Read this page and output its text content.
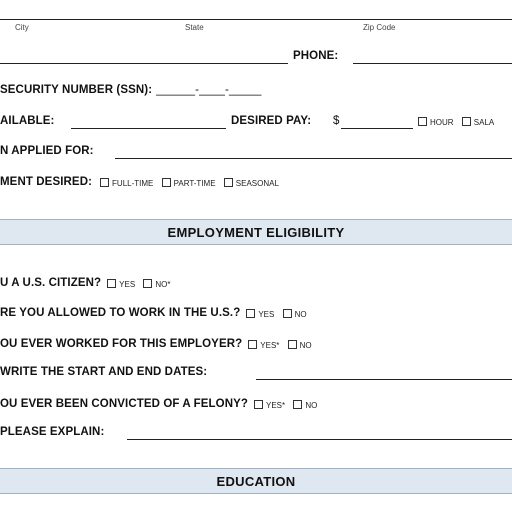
City	State	Zip Code
PHONE:
SECURITY NUMBER (SSN): ______ - ____ - _____
AILABLE:	DESIRED PAY: $	HOUR	SALA
N APPLIED FOR:
MENT DESIRED:	FULL-TIME	PART-TIME	SEASONAL
EMPLOYMENT ELIGIBILITY
U A U.S. CITIZEN?	YES	NO*
RE YOU ALLOWED TO WORK IN THE U.S.?	YES	NO
OU EVER WORKED FOR THIS EMPLOYER?	YES*	NO
WRITE THE START AND END DATES:
OU EVER BEEN CONVICTED OF A FELONY?	YES*	NO
PLEASE EXPLAIN:
EDUCATION
